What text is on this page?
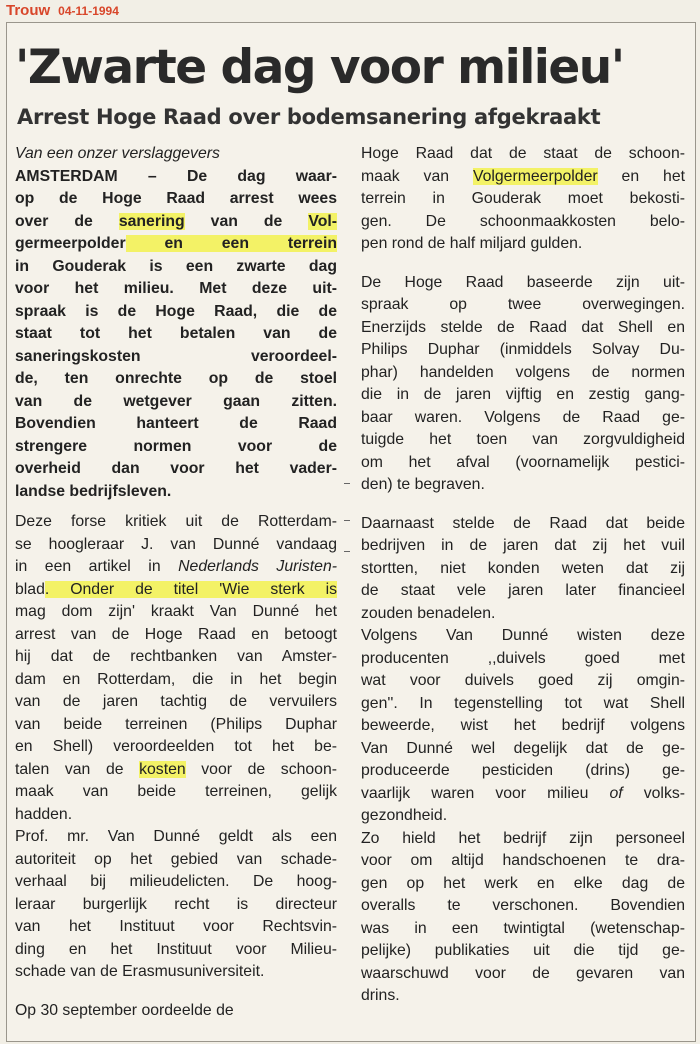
Trouw 04-11-1994
'Zwarte dag voor milieu'
Arrest Hoge Raad over bodemsanering afgekraakt
Van een onzer verslaggevers
AMSTERDAM – De dag waar-
op de Hoge Raad arrest wees
over de sanering van de Vol-
germeerpolder en een terrein
in Gouderak is een zwarte dag
voor het milieu. Met deze uit-
spraak is de Hoge Raad, die de
staat tot het betalen van de
saneringskosten veroordeel-
de, ten onrechte op de stoel
van de wetgever gaan zitten.
Bovendien hanteert de Raad
strengere normen voor de
overheid dan voor het vader-
landse bedrijfsleven.
Deze forse kritiek uit de Rotterdam-
se hoogleraar J. van Dunné vandaag
in een artikel in Nederlands Juristen-
blad. Onder de titel 'Wie sterk is
mag dom zijn' kraakt Van Dunné het
arrest van de Hoge Raad en betoogt
hij dat de rechtbanken van Amster-
dam en Rotterdam, die in het begin
van de jaren tachtig de vervuilers
van beide terreinen (Philips Duphar
en Shell) veroordeelden tot het be-
talen van de kosten voor de schoon-
maak van beide terreinen, gelijk
hadden.
Prof. mr. Van Dunné geldt als een
autoriteit op het gebied van schade-
verhaal bij milieudelicten. De hoog-
leraar burgerlijk recht is directeur
van het Instituut voor Rechtsvin-
ding en het Instituut voor Milieu-
schade van de Erasmusuniversiteit.
Op 30 september oordeelde de
Hoge Raad dat de staat de schoon-
maak van Volgermeerpolder en het
terrein in Gouderak moet bekosti-
gen. De schoonmaakkosten belo-
pen rond de half miljard gulden.
De Hoge Raad baseerde zijn uit-
spraak op twee overwegingen.
Enerzijds stelde de Raad dat Shell en
Philips Duphar (inmiddels Solvay Du-
phar) handelden volgens de normen
die in de jaren vijftig en zestig gang-
baar waren. Volgens de Raad ge-
tuigde het toen van zorgvuldigheid
om het afval (voornamelijk pestici-
den) te begraven.
Daarnaast stelde de Raad dat beide
bedrijven in de jaren dat zij het vuil
stortten, niet konden weten dat zij
de staat vele jaren later financieel
zouden benadelen.
Volgens Van Dunné wisten deze
producenten ,,duivels goed met
wat voor duivels goed zij omgin-
gen''. In tegenstelling tot wat Shell
beweerde, wist het bedrijf volgens
Van Dunné wel degelijk dat de ge-
produceerde pesticiden (drins) ge-
vaarlijk waren voor milieu of volks-
gezondheid.
Zo hield het bedrijf zijn personeel
voor om altijd handschoenen te dra-
gen op het werk en elke dag de
overalls te verschonen. Bovendien
was in een twintigtal (wetenschap-
pelijke) publikaties uit die tijd ge-
waarschuwd voor de gevaren van
drins.
